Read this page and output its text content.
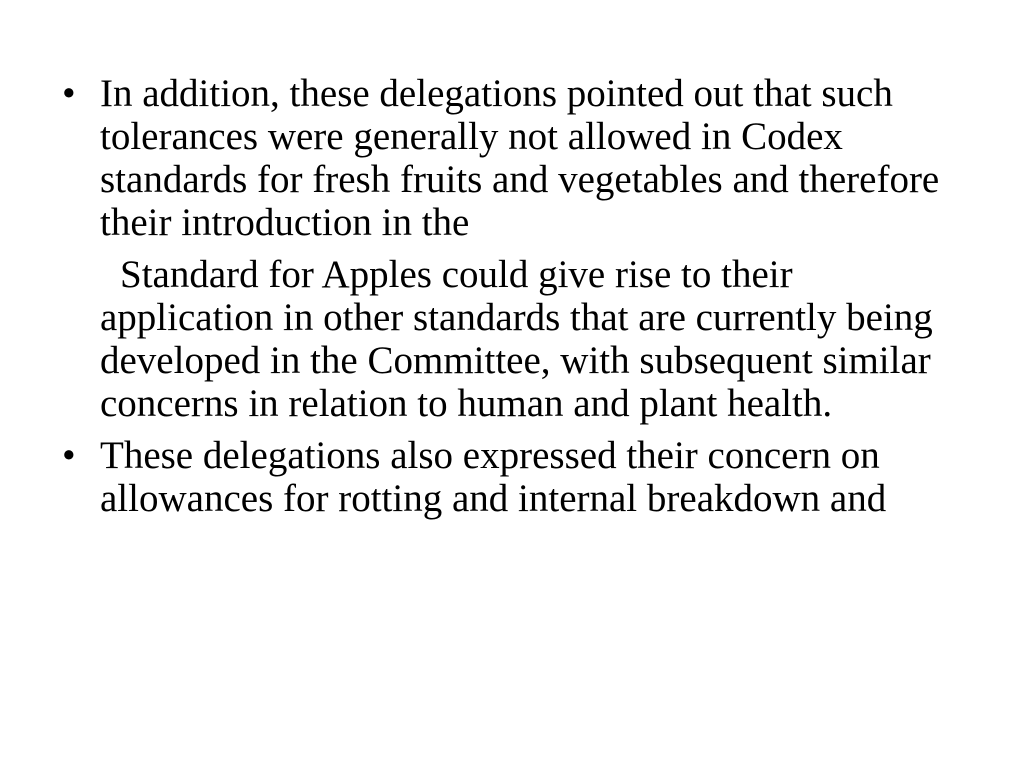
• In addition, these delegations pointed out that such tolerances were generally not allowed in Codex standards for fresh fruits and vegetables and therefore their introduction in the
Standard for Apples could give rise to their application in other standards that are currently being developed in the Committee, with subsequent similar concerns in relation to human and plant health.
• These delegations also expressed their concern on allowances for rotting and internal breakdown and
